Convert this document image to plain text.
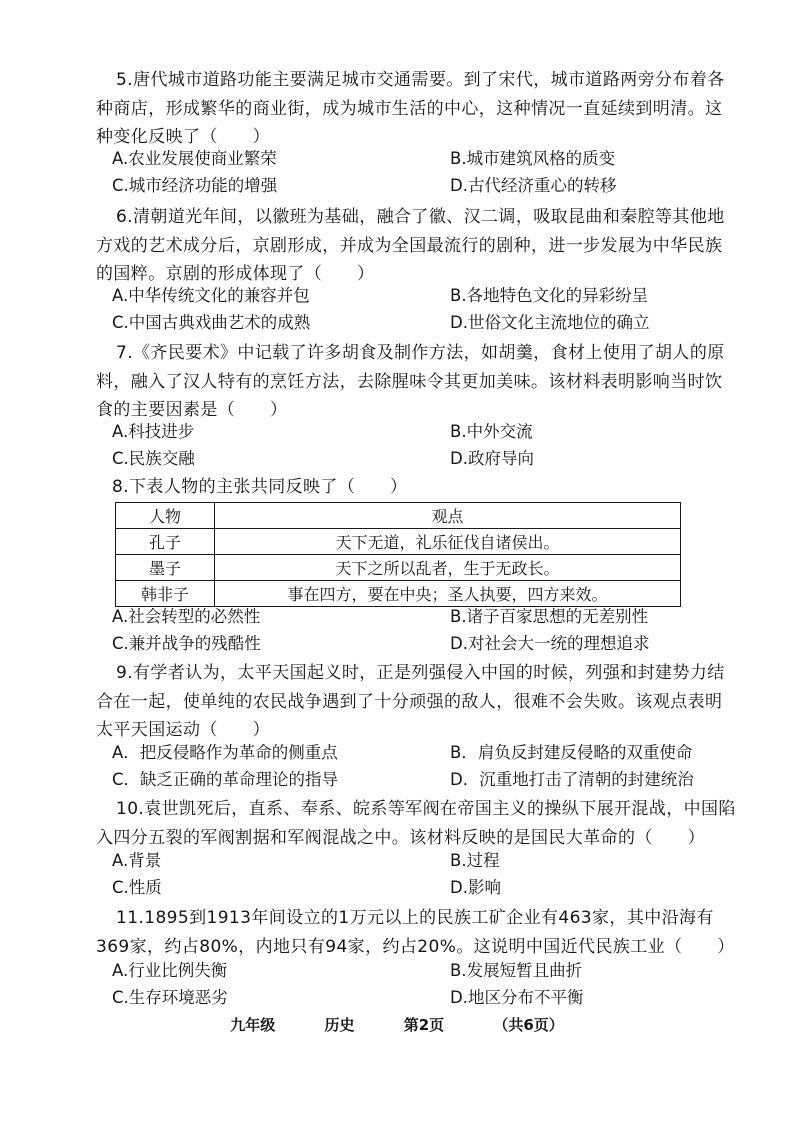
5.唐代城市道路功能主要满足城市交通需要。到了宋代，城市道路两旁分布着各种商店，形成繁华的商业街，成为城市生活的中心，这种情况一直延续到明清。这种变化反映了（　　）

A.农业发展使商业繁荣	B.城市建筑风格的质变
C.城市经济功能的增强	D.古代经济重心的转移

6.清朝道光年间，以徽班为基础，融合了徽、汉二调，吸取昆曲和秦腔等其他地方戏的艺术成分后，京剧形成，并成为全国最流行的剧种，进一步发展为中华民族的国粹。京剧的形成体现了（　　）

A.中华传统文化的兼容并包	B.各地特色文化的异彩纷呈
C.中国古典戏曲艺术的成熟	D.世俗文化主流地位的确立

7.《齐民要术》中记载了许多胡食及制作方法，如胡羹，食材上使用了胡人的原料，融入了汉人特有的烹饪方法，去除腥味令其更加美味。该材料表明影响当时饮食的主要因素是（　　）

A.科技进步	B.中外交流
C.民族交融	D.政府导向

8.下表人物的主张共同反映了（　　）

人物	观点
孔子	天下无道，礼乐征伐自诸侯出。
墨子	天下之所以乱者，生于无政长。
韩非子	事在四方，要在中央；圣人执要，四方来效。
A.社会转型的必然性	B.诸子百家思想的无差别性
C.兼并战争的残酷性	D.对社会大一统的理想追求

9.有学者认为，太平天国起义时，正是列强侵入中国的时候，列强和封建势力结合在一起，使单纯的农民战争遇到了十分顽强的敌人，很难不会失败。该观点表明太平天国运动（　　）

A．把反侵略作为革命的侧重点	B．肩负反封建反侵略的双重使命
C．缺乏正确的革命理论的指导	D．沉重地打击了清朝的封建统治

10.袁世凯死后，直系、奉系、皖系等军阀在帝国主义的操纵下展开混战，中国陷入四分五裂的军阀割据和军阀混战之中。该材料反映的是国民大革命的（　　）

A.背景	B.过程
C.性质	D.影响

11.1895到1913年间设立的1万元以上的民族工矿企业有463家，其中沿海有369家，约占80%，内地只有94家，约占20%。这说明中国近代民族工业（　　）

A.行业比例失衡	B.发展短暂且曲折
C.生存环境恶劣	D.地区分布不平衡
九年级	历史	第2页	（共6页）
